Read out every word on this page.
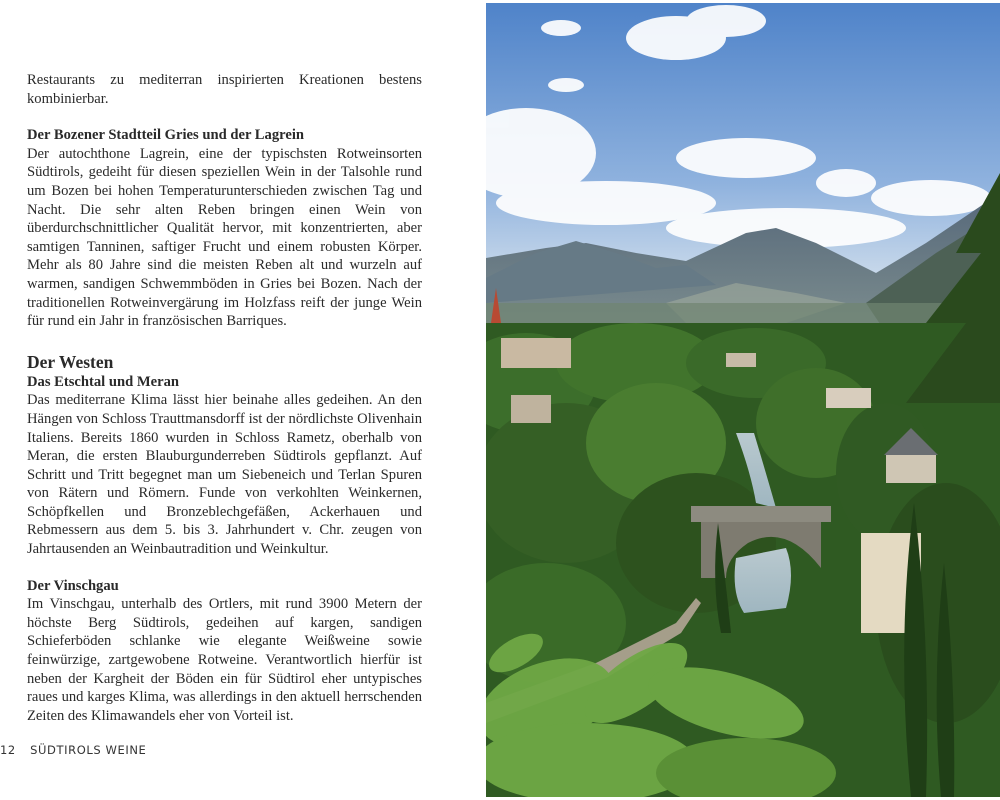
Restaurants zu mediterran inspirierten Kreationen bestens kombinierbar.

Der Bozener Stadtteil Gries und der Lagrein

Der autochthone Lagrein, eine der typischsten Rotweinsorten Südtirols, gedeiht für diesen speziellen Wein in der Talsohle rund um Bozen bei hohen Temperaturunterschieden zwischen Tag und Nacht. Die sehr alten Reben bringen einen Wein von überdurchschnittlicher Qualität hervor, mit konzentrierten, aber samtigen Tanninen, saftiger Frucht und einem robusten Körper. Mehr als 80 Jahre sind die meisten Reben alt und wurzeln auf warmen, sandigen Schwemmböden in Gries bei Bozen. Nach der traditionellen Rotweinvergärung im Holzfass reift der junge Wein für rund ein Jahr in französischen Barriques.

Der Westen

Das Etschtal und Meran

Das mediterrane Klima lässt hier beinahe alles gedeihen. An den Hängen von Schloss Trauttmansdorff ist der nördlichste Olivenhain Italiens. Bereits 1860 wurden in Schloss Rametz, oberhalb von Meran, die ersten Blauburgunderreben Südtirols gepflanzt. Auf Schritt und Tritt begegnet man um Siebeneich und Terlan Spuren von Rätern und Römern. Funde von verkohlten Weinkernen, Schöpfkellen und Bronzeblechgefäßen, Ackerhauen und Rebmessern aus dem 5. bis 3. Jahrhundert v. Chr. zeugen von Jahrtausenden an Weinbautradition und Weinkultur.

Der Vinschgau

Im Vinschgau, unterhalb des Ortlers, mit rund 3900 Metern der höchste Berg Südtirols, gedeihen auf kargen, sandigen Schieferböden schlanke wie elegante Weißweine sowie feinwürzige, zartgewobene Rotweine. Verantwortlich hierfür ist neben der Kargheit der Böden ein für Südtirol eher untypisches raues und karges Klima, was allerdings in den aktuell herrschenden Zeiten des Klimawandels eher von Vorteil ist.

12 SÜDTIROLS WEINE
